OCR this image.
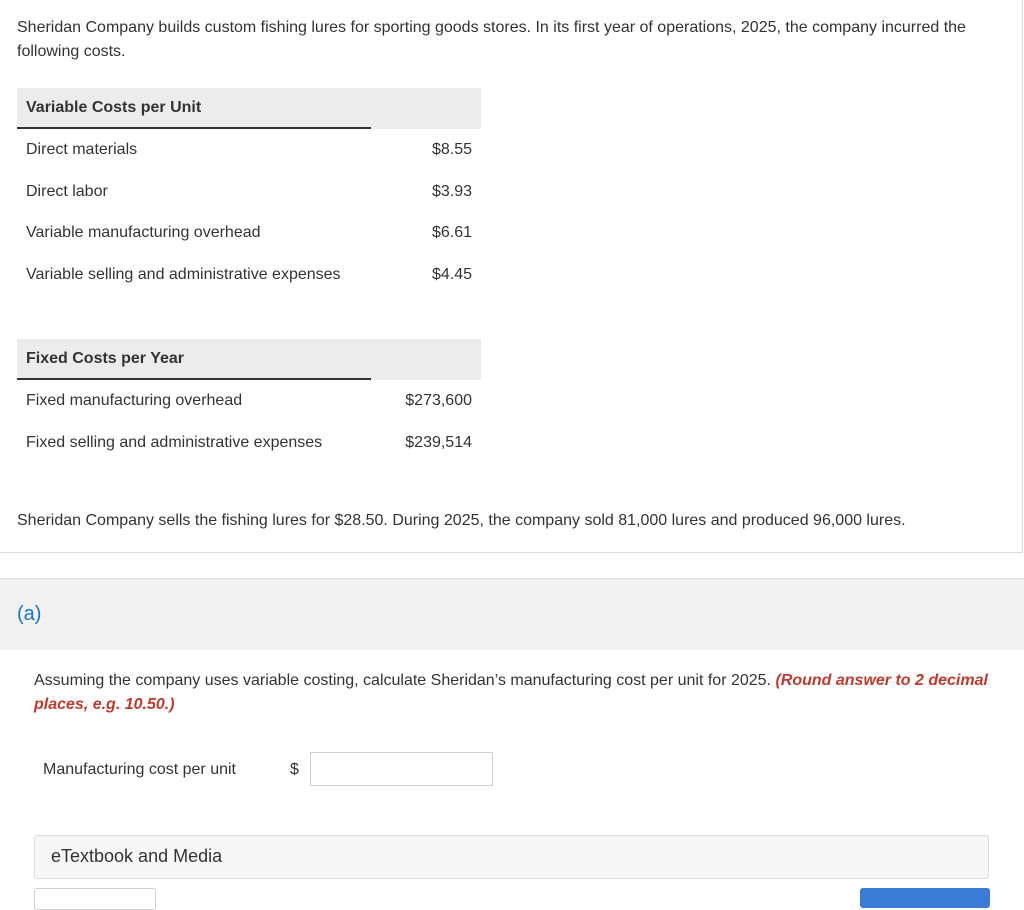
Sheridan Company builds custom fishing lures for sporting goods stores. In its first year of operations, 2025, the company incurred the following costs.
Variable Costs per Unit
Direct materials	$8.55
Direct labor	$3.93
Variable manufacturing overhead	$6.61
Variable selling and administrative expenses	$4.45
Fixed Costs per Year
Fixed manufacturing overhead	$273,600
Fixed selling and administrative expenses	$239,514
Sheridan Company sells the fishing lures for $28.50. During 2025, the company sold 81,000 lures and produced 96,000 lures.
(a)
Assuming the company uses variable costing, calculate Sheridan’s manufacturing cost per unit for 2025. (Round answer to 2 decimal places, e.g. 10.50.)
Manufacturing cost per unit	$
eTextbook and Media
